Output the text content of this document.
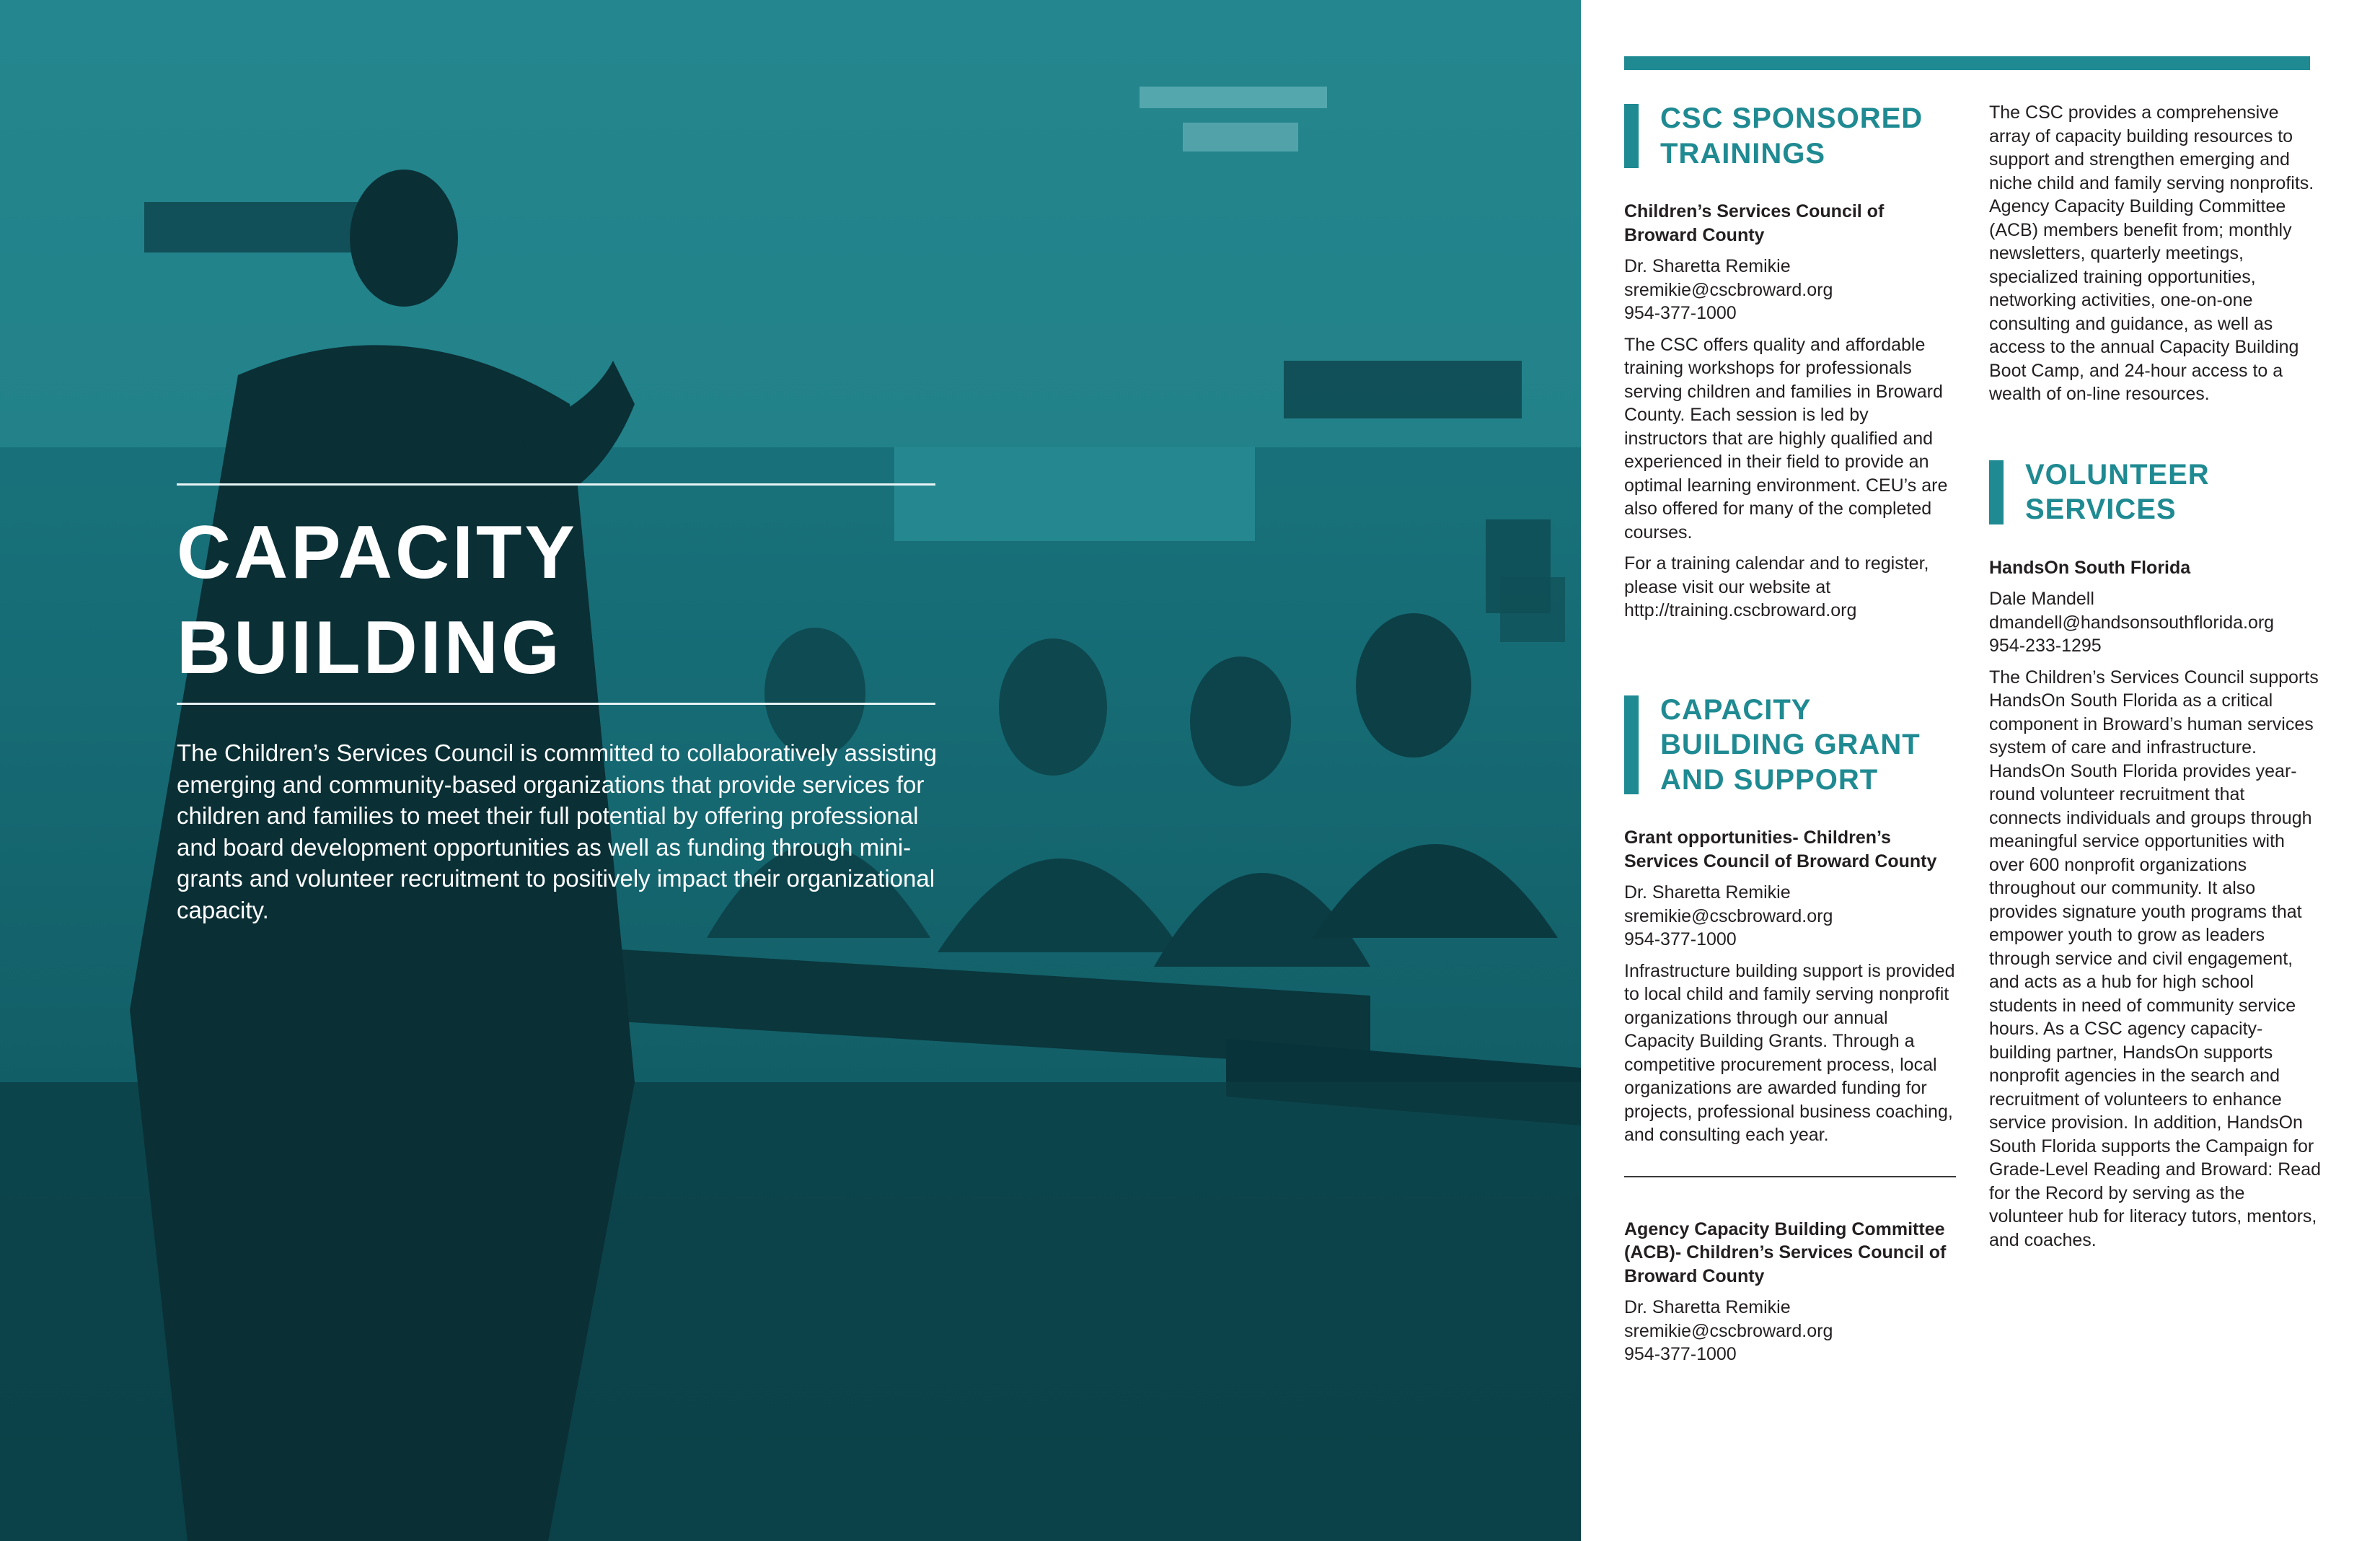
CAPACITY
BUILDING

The Children’s Services Council is committed to collaboratively assisting emerging and community-based organizations that provide services for children and families to meet their full potential by offering professional and board development opportunities as well as funding through mini-grants and volunteer recruitment to positively impact their organizational capacity.

CSC SPONSORED
TRAININGS

Children’s Services Council of Broward County

Dr. Sharetta Remikie
sremikie@cscbroward.org
954-377-1000

The CSC offers quality and affordable training workshops for professionals serving children and families in Broward County. Each session is led by instructors that are highly qualified and experienced in their field to provide an optimal learning environment. CEU’s are also offered for many of the completed courses.

For a training calendar and to register, please visit our website at http://training.cscbroward.org

CAPACITY
BUILDING GRANT
AND SUPPORT

Grant opportunities- Children’s Services Council of Broward County

Dr. Sharetta Remikie
sremikie@cscbroward.org
954-377-1000

Infrastructure building support is provided to local child and family serving nonprofit organizations through our annual Capacity Building Grants. Through a competitive procurement process, local organizations are awarded funding for projects, professional business coaching, and consulting each year.

Agency Capacity Building Committee (ACB)- Children’s Services Council of Broward County

Dr. Sharetta Remikie
sremikie@cscbroward.org
954-377-1000

The CSC provides a comprehensive array of capacity building resources to support and strengthen emerging and niche child and family serving nonprofits. Agency Capacity Building Committee (ACB) members benefit from; monthly newsletters, quarterly meetings, specialized training opportunities, networking activities, one-on-one consulting and guidance, as well as access to the annual Capacity Building Boot Camp, and 24-hour access to a wealth of on-line resources.

VOLUNTEER
SERVICES

HandsOn South Florida

Dale Mandell
dmandell@handsonsouthflorida.org
954-233-1295

The Children’s Services Council supports HandsOn South Florida as a critical component in Broward’s human services system of care and infrastructure. HandsOn South Florida provides year-round volunteer recruitment that connects individuals and groups through meaningful service opportunities with over 600 nonprofit organizations throughout our community. It also provides signature youth programs that empower youth to grow as leaders through service and civil engagement, and acts as a hub for high school students in need of community service hours. As a CSC agency capacity-building partner, HandsOn supports nonprofit agencies in the search and recruitment of volunteers to enhance service provision. In addition, HandsOn South Florida supports the Campaign for Grade-Level Reading and Broward: Read for the Record by serving as the volunteer hub for literacy tutors, mentors, and coaches.
